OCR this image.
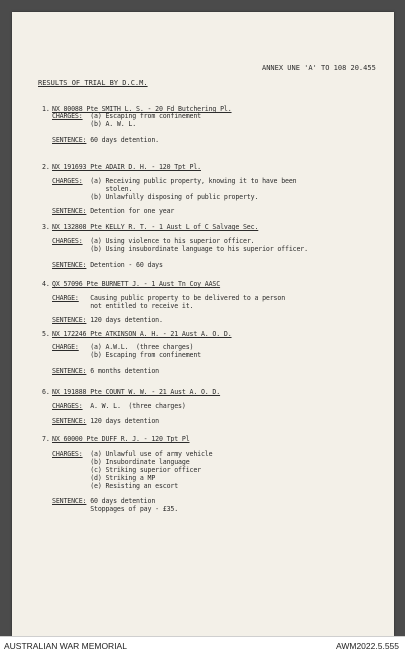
ANNEX UNE 'A' TO 108 20.455
RESULTS OF TRIAL BY D.C.M.
1. NX 80088 Pte SMITH L. S. - 20 Fd Butchering Pl.
CHARGES:  (a) Escaping from confinement
(b) A. W. L.
SENTENCE: 60 days detention.
2. NX 191693 Pte ADAIR D. H. - 120 Tpt Pl.
CHARGES:  (a) Receiving public property, knowing it to have been
stolen.
(b) Unlawfully disposing of public property.
SENTENCE: Detention for one year
3. NX 132808 Pte KELLY R. T. - 1 Aust L of C Salvage Sec.
CHARGES:  (a) Using violence to his superior officer.
(b) Using insubordinate language to his superior officer.
SENTENCE: Detention - 60 days
4. QX 57096 Pte BURNETT J. - 1 Aust Tn Coy AASC
CHARGE:   Causing public property to be delivered to a person
not entitled to receive it.
SENTENCE: 120 days detention.
5. NX 172246 Pte ATKINSON A. H. - 21 Aust A. O. D.
CHARGE:   (a) A.W.L.  (three charges)
(b) Escaping from confinement
SENTENCE: 6 months detention
6. NX 191888 Pte COUNT W. W. - 21 Aust A. O. D.
CHARGES:  A. W. L.  (three charges)
SENTENCE: 120 days detention
7. NX 60000 Pte DUFF R. J. - 120 Tpt Pl
CHARGES:  (a) Unlawful use of army vehicle
(b) Insubordinate language
(c) Striking superior officer
(d) Striking a MP
(e) Resisting an escort
SENTENCE: 60 days detention
Stoppages of pay - £35.
AUSTRALIAN WAR MEMORIAL	AWM2022.5.555
